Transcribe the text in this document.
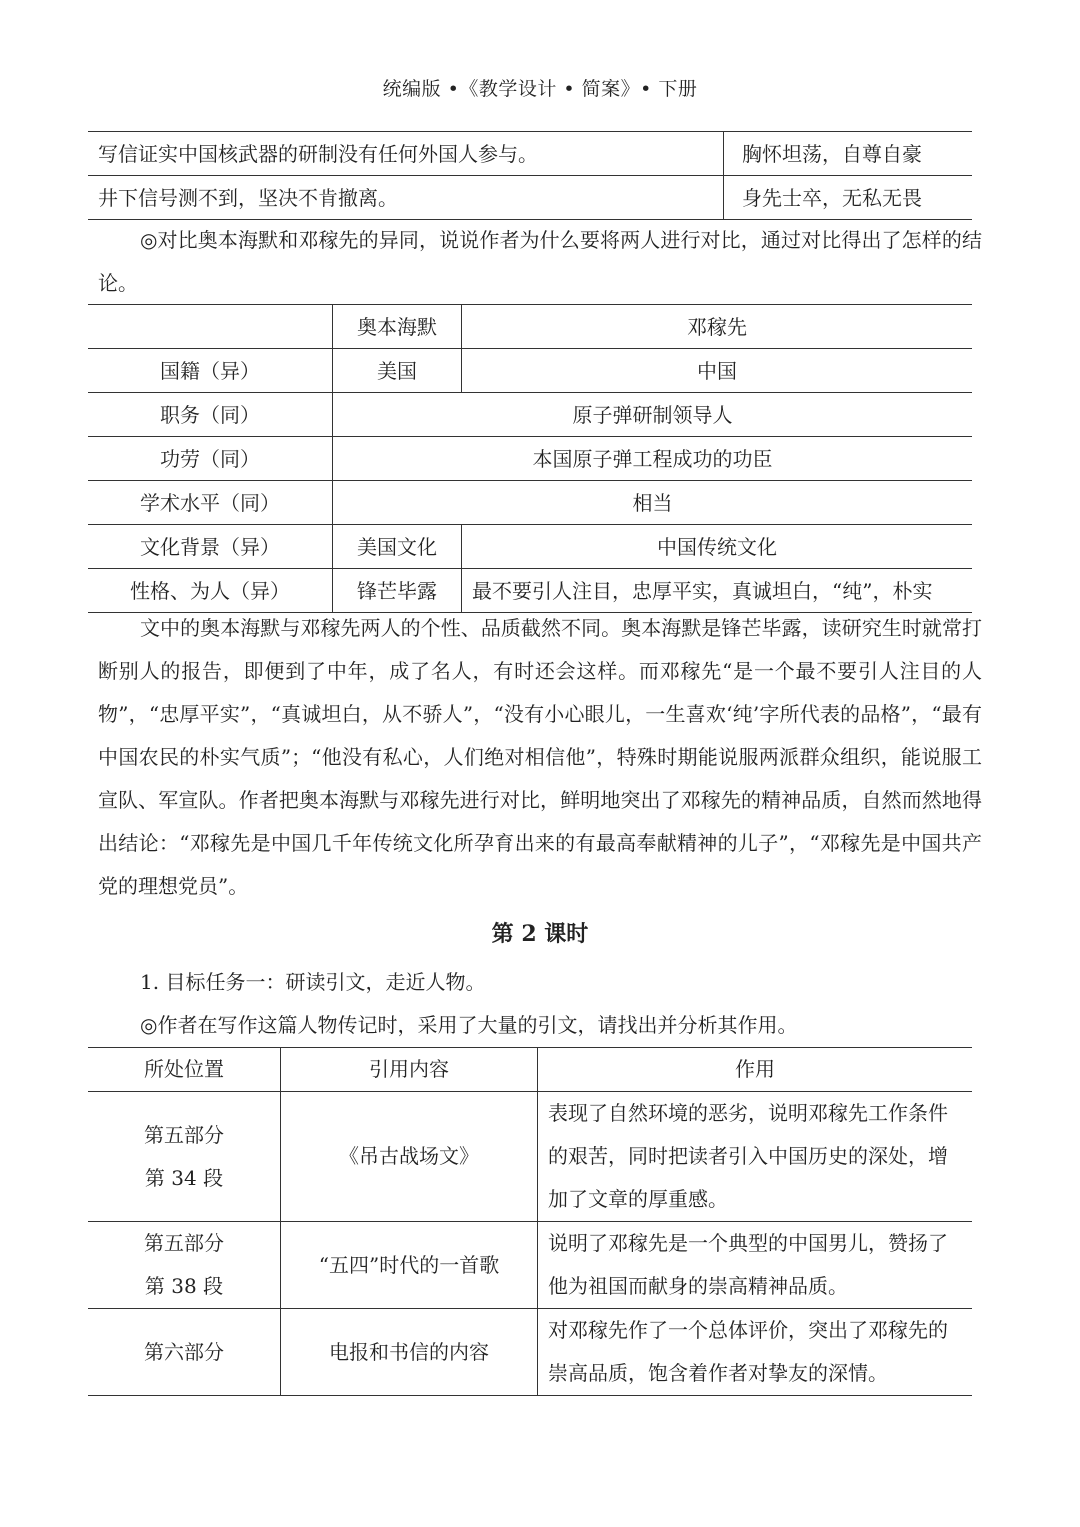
统编版 •《教学设计 • 简案》• 下册
写信证实中国核武器的研制没有任何外国人参与。	胸怀坦荡，自尊自豪
井下信号测不到，坚决不肯撤离。	身先士卒，无私无畏

◎对比奥本海默和邓稼先的异同，说说作者为什么要将两人进行对比，通过对比得出了怎样的结论。

	奥本海默	邓稼先
国籍（异）	美国	中国
职务（同）	原子弹研制领导人	
功劳（同）	本国原子弹工程成功的功臣	
学术水平（同）	相当	
文化背景（异）	美国文化	中国传统文化
性格、为人（异）	锋芒毕露	最不要引人注目，忠厚平实，真诚坦白，“纯”，朴实

文中的奥本海默与邓稼先两人的个性、品质截然不同。奥本海默是锋芒毕露，读研究生时就常打断别人的报告，即便到了中年，成了名人，有时还会这样。而邓稼先“是一个最不要引人注目的人物”，“忠厚平实”，“真诚坦白，从不骄人”，“没有小心眼儿，一生喜欢‘纯’字所代表的品格”，“最有中国农民的朴实气质”；“他没有私心，人们绝对相信他”，特殊时期能说服两派群众组织，能说服工宣队、军宣队。作者把奥本海默与邓稼先进行对比，鲜明地突出了邓稼先的精神品质，自然而然地得出结论：“邓稼先是中国几千年传统文化所孕育出来的有最高奉献精神的儿子”，“邓稼先是中国共产党的理想党员”。

第 2 课时

1. 目标任务一：研读引文，走近人物。

◎作者在写作这篇人物传记时，采用了大量的引文，请找出并分析其作用。

所处位置	引用内容	作用

第五部分
第 34 段	《吊古战场文》	表现了自然环境的恶劣，说明邓稼先工作条件的艰苦，同时把读者引入中国历史的深处，增加了文章的厚重感。

第五部分
第 38 段	“五四”时代的一首歌	说明了邓稼先是一个典型的中国男儿，赞扬了他为祖国而献身的崇高精神品质。

第六部分	电报和书信的内容	对邓稼先作了一个总体评价，突出了邓稼先的崇高品质，饱含着作者对挚友的深情。
